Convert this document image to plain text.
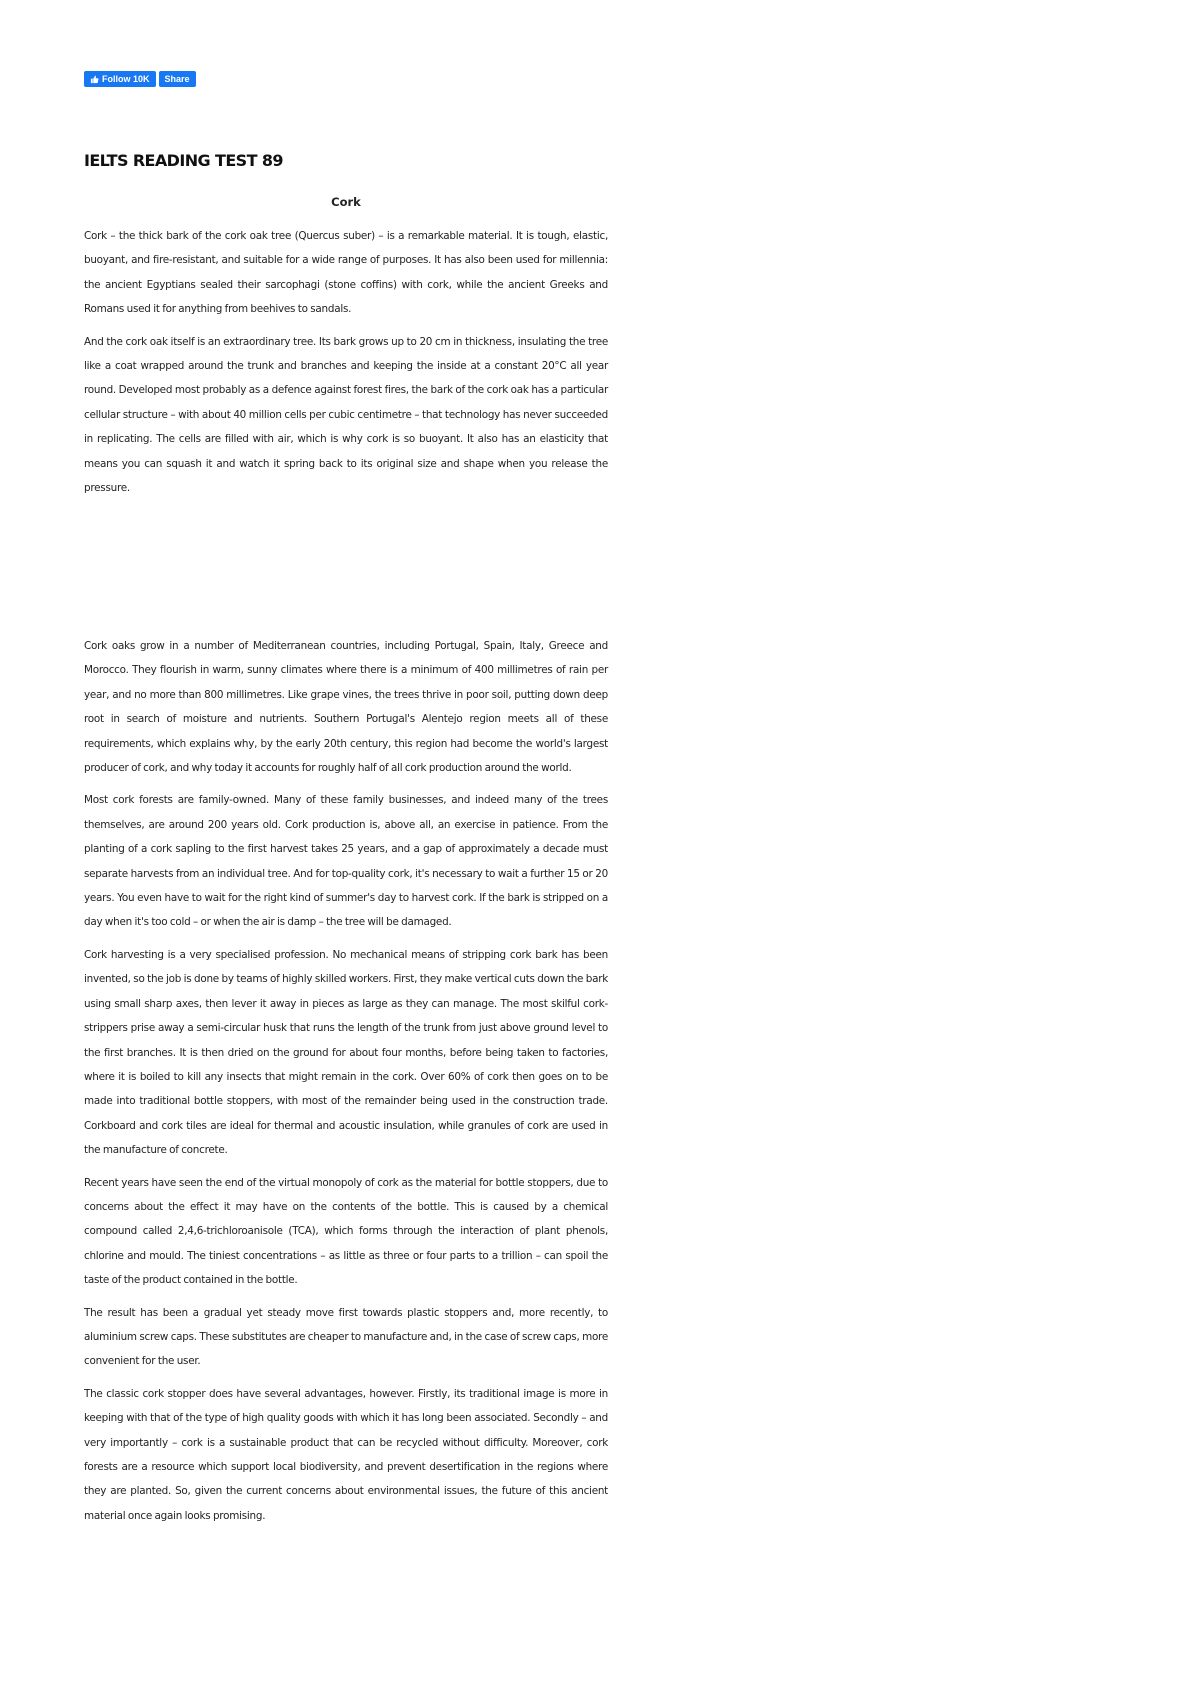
Follow 10K Share
IELTS READING TEST 89
Cork

Cork – the thick bark of the cork oak tree (Quercus suber) – is a remarkable material. It is tough, elastic, buoyant, and fire-resistant, and suitable for a wide range of purposes. It has also been used for millennia: the ancient Egyptians sealed their sarcophagi (stone coffins) with cork, while the ancient Greeks and Romans used it for anything from beehives to sandals.

And the cork oak itself is an extraordinary tree. Its bark grows up to 20 cm in thickness, insulating the tree like a coat wrapped around the trunk and branches and keeping the inside at a constant 20°C all year round. Developed most probably as a defence against forest fires, the bark of the cork oak has a particular cellular structure – with about 40 million cells per cubic centimetre – that technology has never succeeded in replicating. The cells are filled with air, which is why cork is so buoyant. It also has an elasticity that means you can squash it and watch it spring back to its original size and shape when you release the pressure.

Cork oaks grow in a number of Mediterranean countries, including Portugal, Spain, Italy, Greece and Morocco. They flourish in warm, sunny climates where there is a minimum of 400 millimetres of rain per year, and no more than 800 millimetres. Like grape vines, the trees thrive in poor soil, putting down deep root in search of moisture and nutrients. Southern Portugal's Alentejo region meets all of these requirements, which explains why, by the early 20th century, this region had become the world's largest producer of cork, and why today it accounts for roughly half of all cork production around the world.

Most cork forests are family-owned. Many of these family businesses, and indeed many of the trees themselves, are around 200 years old. Cork production is, above all, an exercise in patience. From the planting of a cork sapling to the first harvest takes 25 years, and a gap of approximately a decade must separate harvests from an individual tree. And for top-quality cork, it's necessary to wait a further 15 or 20 years. You even have to wait for the right kind of summer's day to harvest cork. If the bark is stripped on a day when it's too cold – or when the air is damp – the tree will be damaged.

Cork harvesting is a very specialised profession. No mechanical means of stripping cork bark has been invented, so the job is done by teams of highly skilled workers. First, they make vertical cuts down the bark using small sharp axes, then lever it away in pieces as large as they can manage. The most skilful cork- strippers prise away a semi-circular husk that runs the length of the trunk from just above ground level to the first branches. It is then dried on the ground for about four months, before being taken to factories, where it is boiled to kill any insects that might remain in the cork. Over 60% of cork then goes on to be made into traditional bottle stoppers, with most of the remainder being used in the construction trade. Corkboard and cork tiles are ideal for thermal and acoustic insulation, while granules of cork are used in the manufacture of concrete.

Recent years have seen the end of the virtual monopoly of cork as the material for bottle stoppers, due to concerns about the effect it may have on the contents of the bottle. This is caused by a chemical compound called 2,4,6-trichloroanisole (TCA), which forms through the interaction of plant phenols, chlorine and mould. The tiniest concentrations – as little as three or four parts to a trillion – can spoil the taste of the product contained in the bottle.

The result has been a gradual yet steady move first towards plastic stoppers and, more recently, to aluminium screw caps. These substitutes are cheaper to manufacture and, in the case of screw caps, more convenient for the user.

The classic cork stopper does have several advantages, however. Firstly, its traditional image is more in keeping with that of the type of high quality goods with which it has long been associated. Secondly – and very importantly – cork is a sustainable product that can be recycled without difficulty. Moreover, cork forests are a resource which support local biodiversity, and prevent desertification in the regions where they are planted. So, given the current concerns about environmental issues, the future of this ancient material once again looks promising.
